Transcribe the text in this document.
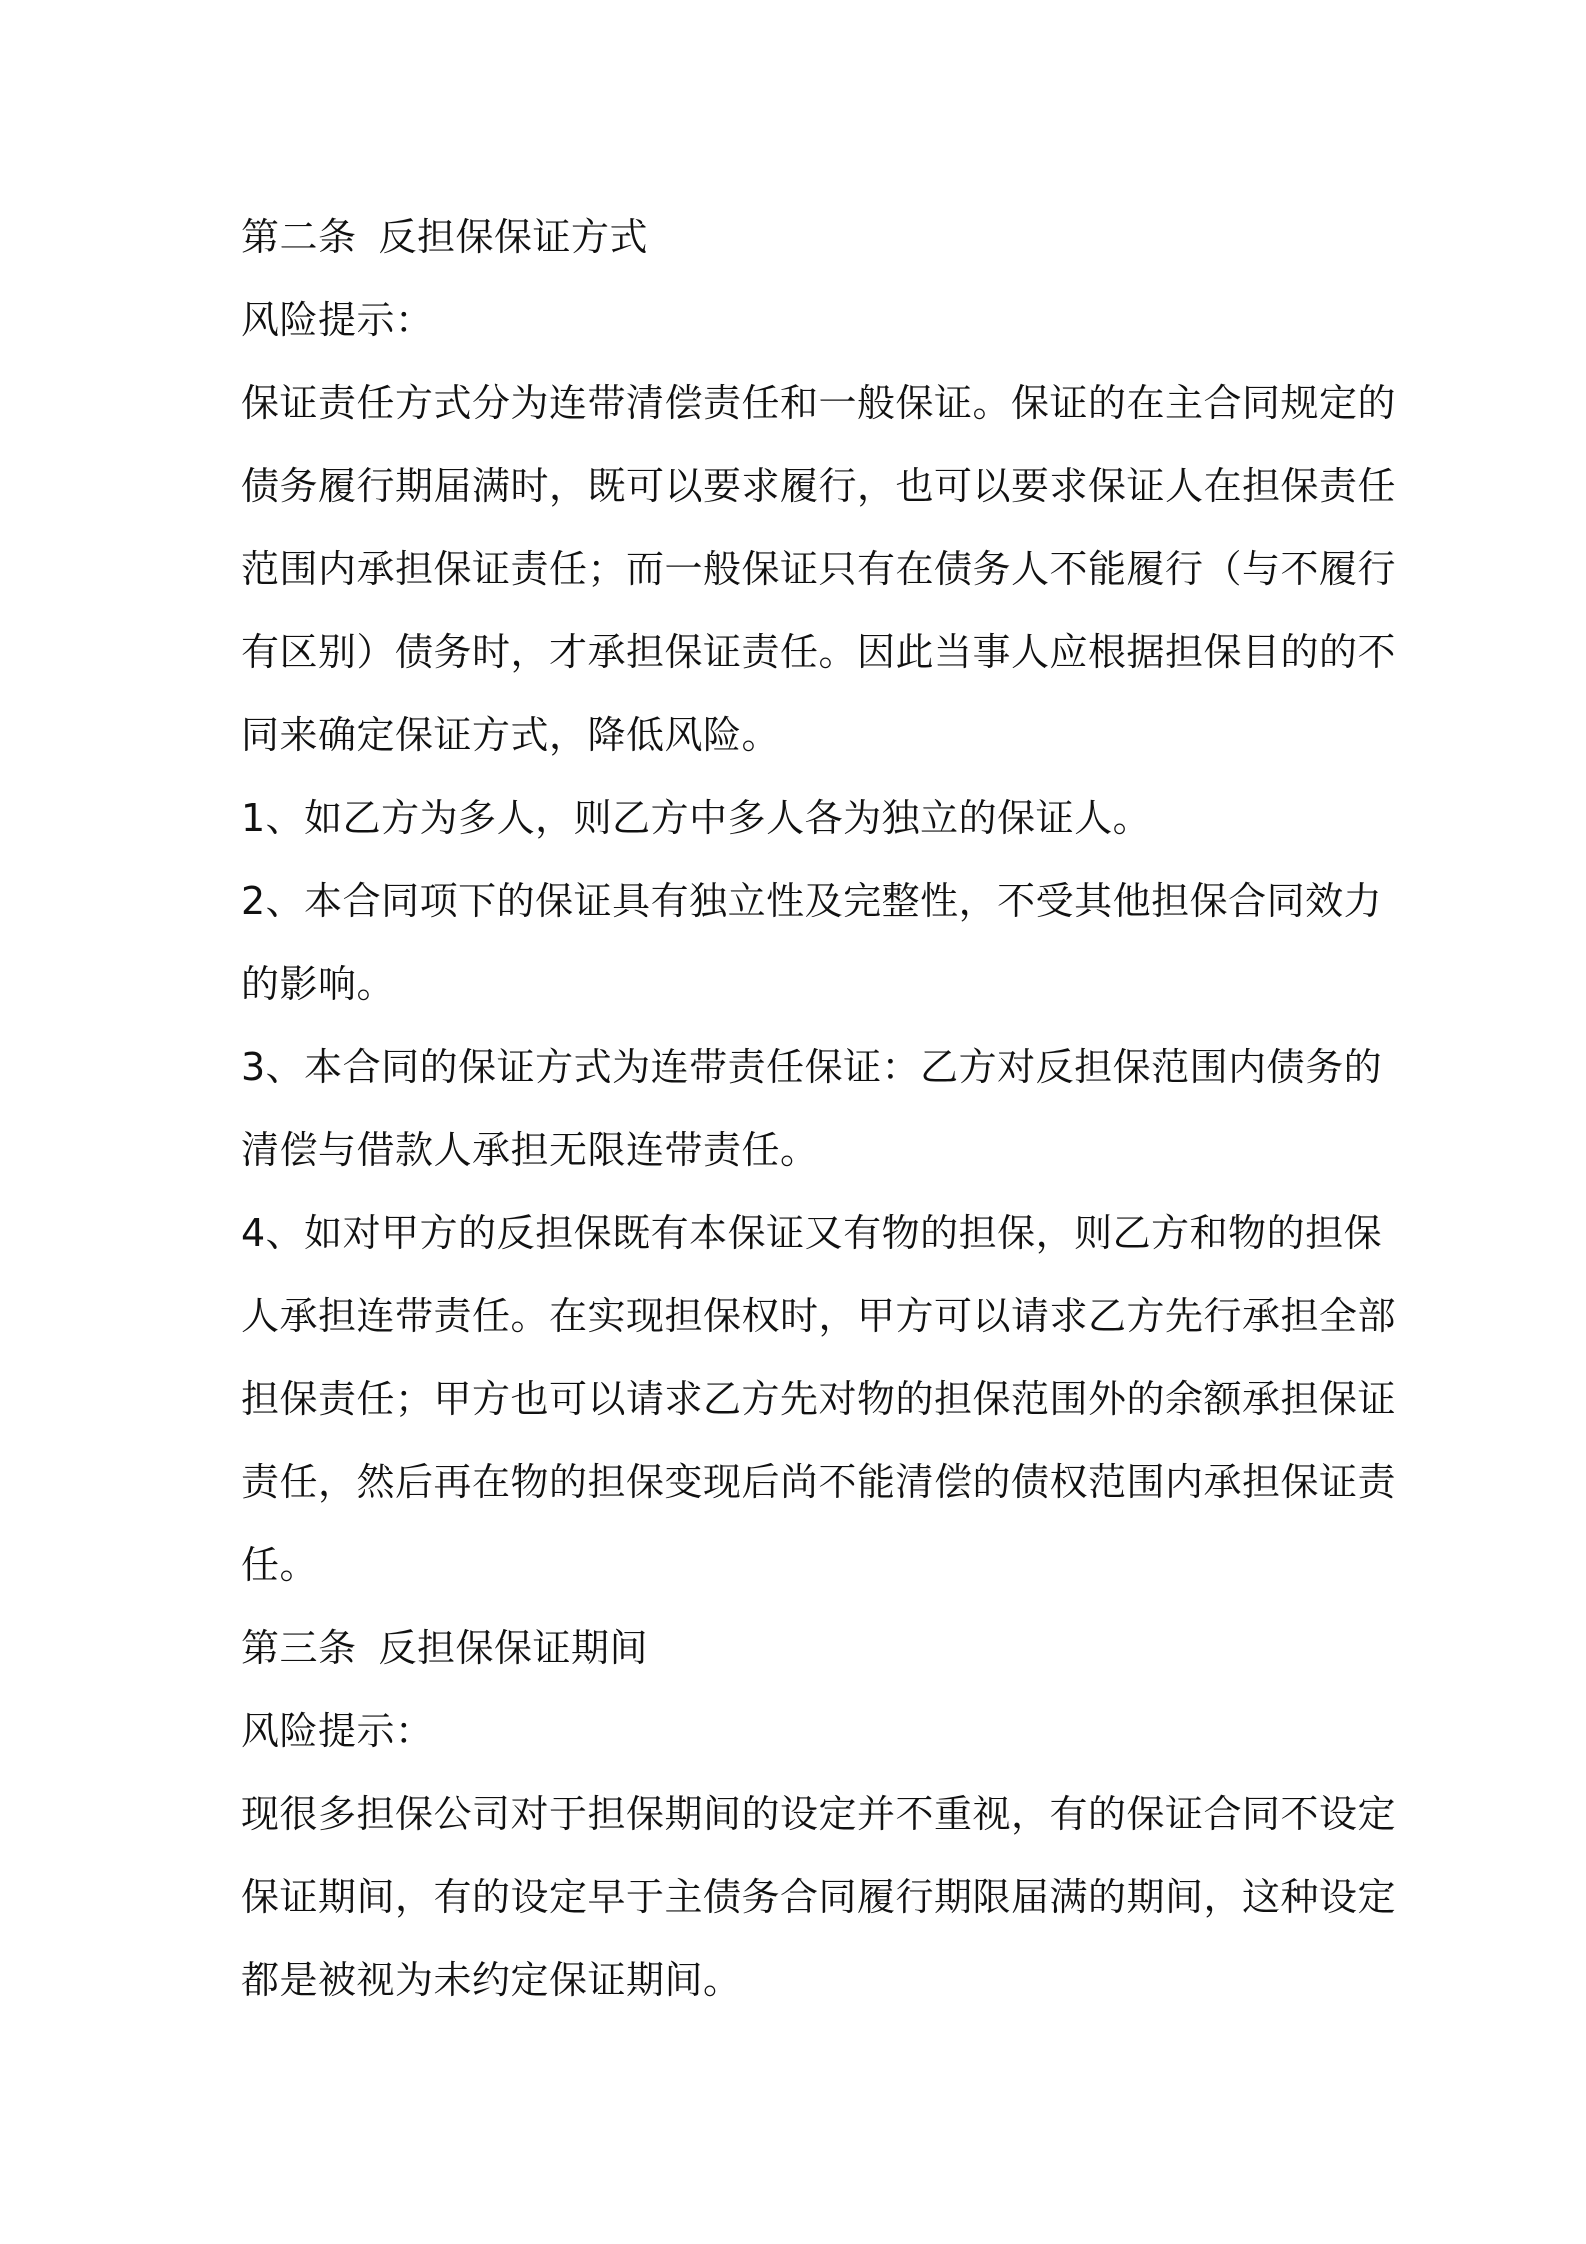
第二条 反担保保证方式
风险提示：
保证责任方式分为连带清偿责任和一般保证。保证的在主合同规定的
债务履行期届满时，既可以要求履行，也可以要求保证人在担保责任
范围内承担保证责任；而一般保证只有在债务人不能履行（与不履行
有区别）债务时，才承担保证责任。因此当事人应根据担保目的的不
同来确定保证方式，降低风险。
1、如乙方为多人，则乙方中多人各为独立的保证人。
2、本合同项下的保证具有独立性及完整性，不受其他担保合同效力
的影响。
3、本合同的保证方式为连带责任保证：乙方对反担保范围内债务的
清偿与借款人承担无限连带责任。
4、如对甲方的反担保既有本保证又有物的担保，则乙方和物的担保
人承担连带责任。在实现担保权时，甲方可以请求乙方先行承担全部
担保责任；甲方也可以请求乙方先对物的担保范围外的余额承担保证
责任，然后再在物的担保变现后尚不能清偿的债权范围内承担保证责
任。
第三条 反担保保证期间
风险提示：
现很多担保公司对于担保期间的设定并不重视，有的保证合同不设定
保证期间，有的设定早于主债务合同履行期限届满的期间，这种设定
都是被视为未约定保证期间。
